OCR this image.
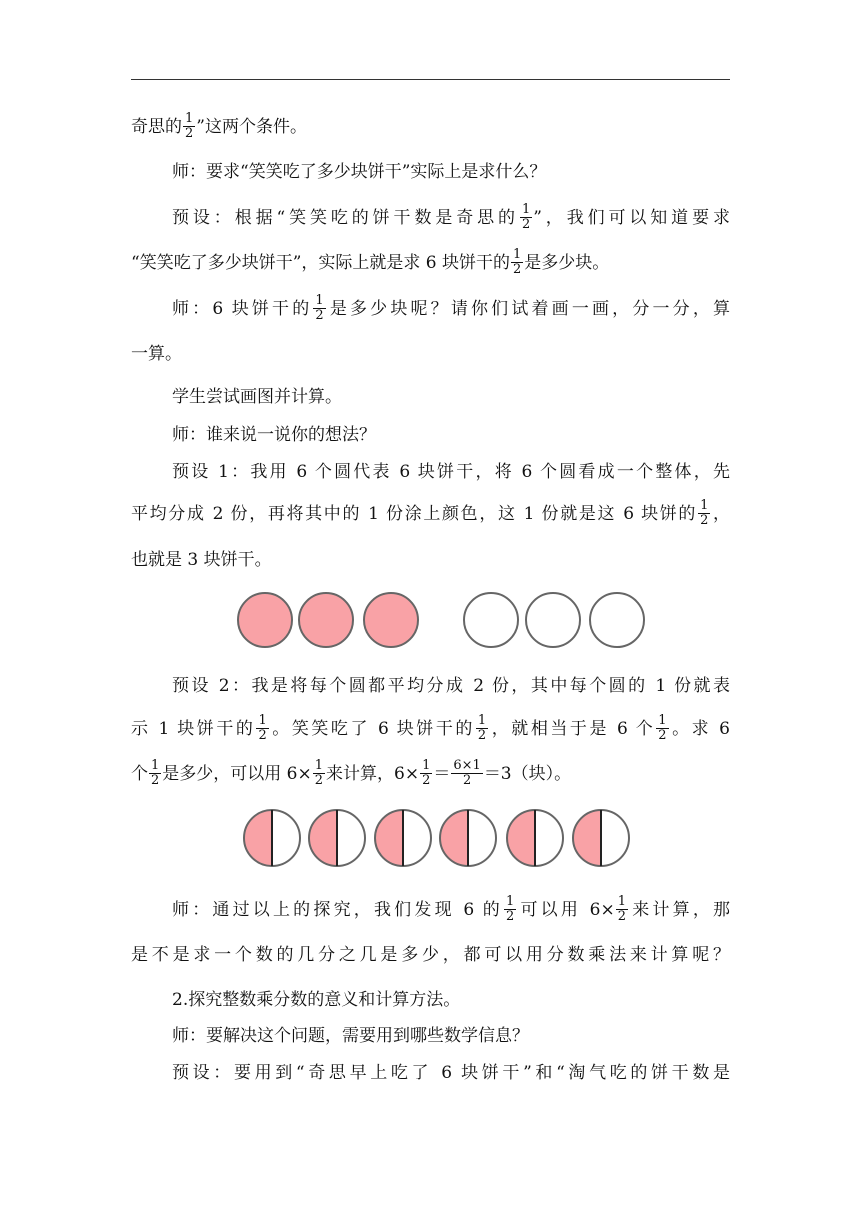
奇思的 $\frac{1}{2}$ ”这两个条件。
师：要求“笑笑吃了多少块饼干”实际上是求什么？
预设：根据“笑笑吃的饼干数是奇思的 $\frac{1}{2}$ ”，我们可以知道要求
“笑笑吃了多少块饼干”，实际上就是求 6 块饼干的 $\frac{1}{2}$ 是多少块。
师：6 块饼干的 $\frac{1}{2}$ 是多少块呢？请你们试着画一画，分一分，算
一算。
学生尝试画图并计算。
师：谁来说一说你的想法？
预设 1：我用 6 个圆代表 6 块饼干，将 6 个圆看成一个整体，先
平均分成 2 份，再将其中的 1 份涂上颜色，这 1 份就是这 6 块饼的 $\frac{1}{2}$ ，
也就是 3 块饼干。
预设 2：我是将每个圆都平均分成 2 份，其中每个圆的 1 份就表
示 1 块饼干的 $\frac{1}{2}$ 。笑笑吃了 6 块饼干的 $\frac{1}{2}$ ，就相当于是 6 个 $\frac{1}{2}$ 。求 6
个 $\frac{1}{2}$ 是多少，可以用 $6\times \frac{1}{2}$ 来计算，$6\times \frac{1}{2} = \frac{6\times 1}{2} =3$（块）。
师：通过以上的探究，我们发现 6 的 $\frac{1}{2}$ 可以用 $6\times \frac{1}{2}$ 来计算，那
是不是求一个数的几分之几是多少，都可以用分数乘法来计算呢？
2.探究整数乘分数的意义和计算方法。
师：要解决这个问题，需要用到哪些数学信息？
预设：要用到“奇思早上吃了 6 块饼干”和“淘气吃的饼干数是
